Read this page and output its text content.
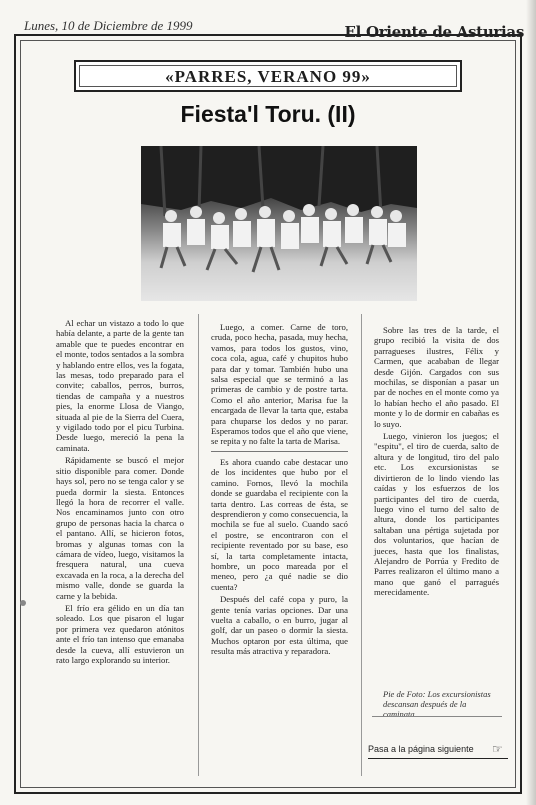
Lunes, 10 de Diciembre de 1999	El Oriente de Asturias
«PARRES, VERANO 99»
Fiesta'l Toru. (II)

Al echar un vistazo a todo lo que había delante, a parte de la gente tan amable que te puedes encontrar en el monte, todos sentados a la sombra y hablando entre ellos, ves la fogata, las mesas, todo preparado para el convite; caballos, perros, burros, tiendas de campaña y a nuestros pies, la enorme Llosa de Viango, situada al pie de la Sierra del Cuera, y vigilado todo por el picu Turbina. Desde luego, mereció la pena la caminata.

Rápidamente se buscó el mejor sitio disponible para comer. Donde hays sol, pero no se tenga calor y se pueda dormir la siesta. Entonces llegó la hora de recorrer el valle. Nos encaminamos junto con otro grupo de personas hacia la charca o el pantano. Allí, se hicieron fotos, bromas y algunas tomas con la cámara de vídeo, luego, visitamos la fresquera natural, una cueva excavada en la roca, a la derecha del mismo valle, donde se guarda la carne y la bebida.

El frío era gélido en un día tan soleado. Los que pisaron el lugar por primera vez quedaron atónitos ante el frío tan intenso que emanaba desde la cueva, allí estuvieron un rato largo explorando su interior.

Luego, a comer. Carne de toro, cruda, poco hecha, pasada, muy hecha, vamos, para todos los gustos, vino, coca cola, agua, café y chupitos hubo para dar y tomar. También hubo una salsa especial que se terminó a las primeras de cambio y de postre tarta. Como el año anterior, Marisa fue la encargada de llevar la tarta que, estaba para chuparse los dedos y no parar. Esperamos todos que el año que viene, se repita y no falte la tarta de Marisa.

Es ahora cuando cabe destacar uno de los incidentes que hubo por el camino. Fornos, llevó la mochila donde se guardaba el recipiente con la tarta dentro. Las correas de ésta, se desprendieron y como consecuencia, la mochila se fue al suelo. Cuando sacó el postre, se encontraron con el recipiente reventado por su base, eso sí, la tarta completamente intacta, hombre, un poco mareada por el meneo, pero ¿a qué nadie se dio cuenta?

Después del café copa y puro, la gente tenía varias opciones. Dar una vuelta a caballo, o en burro, jugar al golf, dar un paseo o dormir la siesta. Muchos optaron por esta última, que resulta más atractiva y reparadora.

Sobre las tres de la tarde, el grupo recibió la visita de dos parragueses ilustres, Félix y Carmen, que acababan de llegar desde Gijón. Cargados con sus mochilas, se disponían a pasar un par de noches en el monte como ya lo habían hecho el año pasado. El monte y lo de dormir en cabañas es lo suyo.

Luego, vinieron los juegos; el "espitu", el tiro de cuerda, salto de altura y de longitud, tiro del palo etc. Los excursionistas se divirtieron de lo lindo viendo las caídas y los esfuerzos de los participantes del tiro de cuerda, luego vino el turno del salto de altura, donde los participantes saltaban una pértiga sujetada por dos voluntarios, que hacían de jueces, hasta que los finalistas, Alejandro de Porrúa y Fredito de Parres realizaron el último mano a mano que ganó el parragués merecidamente.

Pie de Foto: Los excursionistas descansan después de la caminata.
Pasa a la página siguiente ☞
